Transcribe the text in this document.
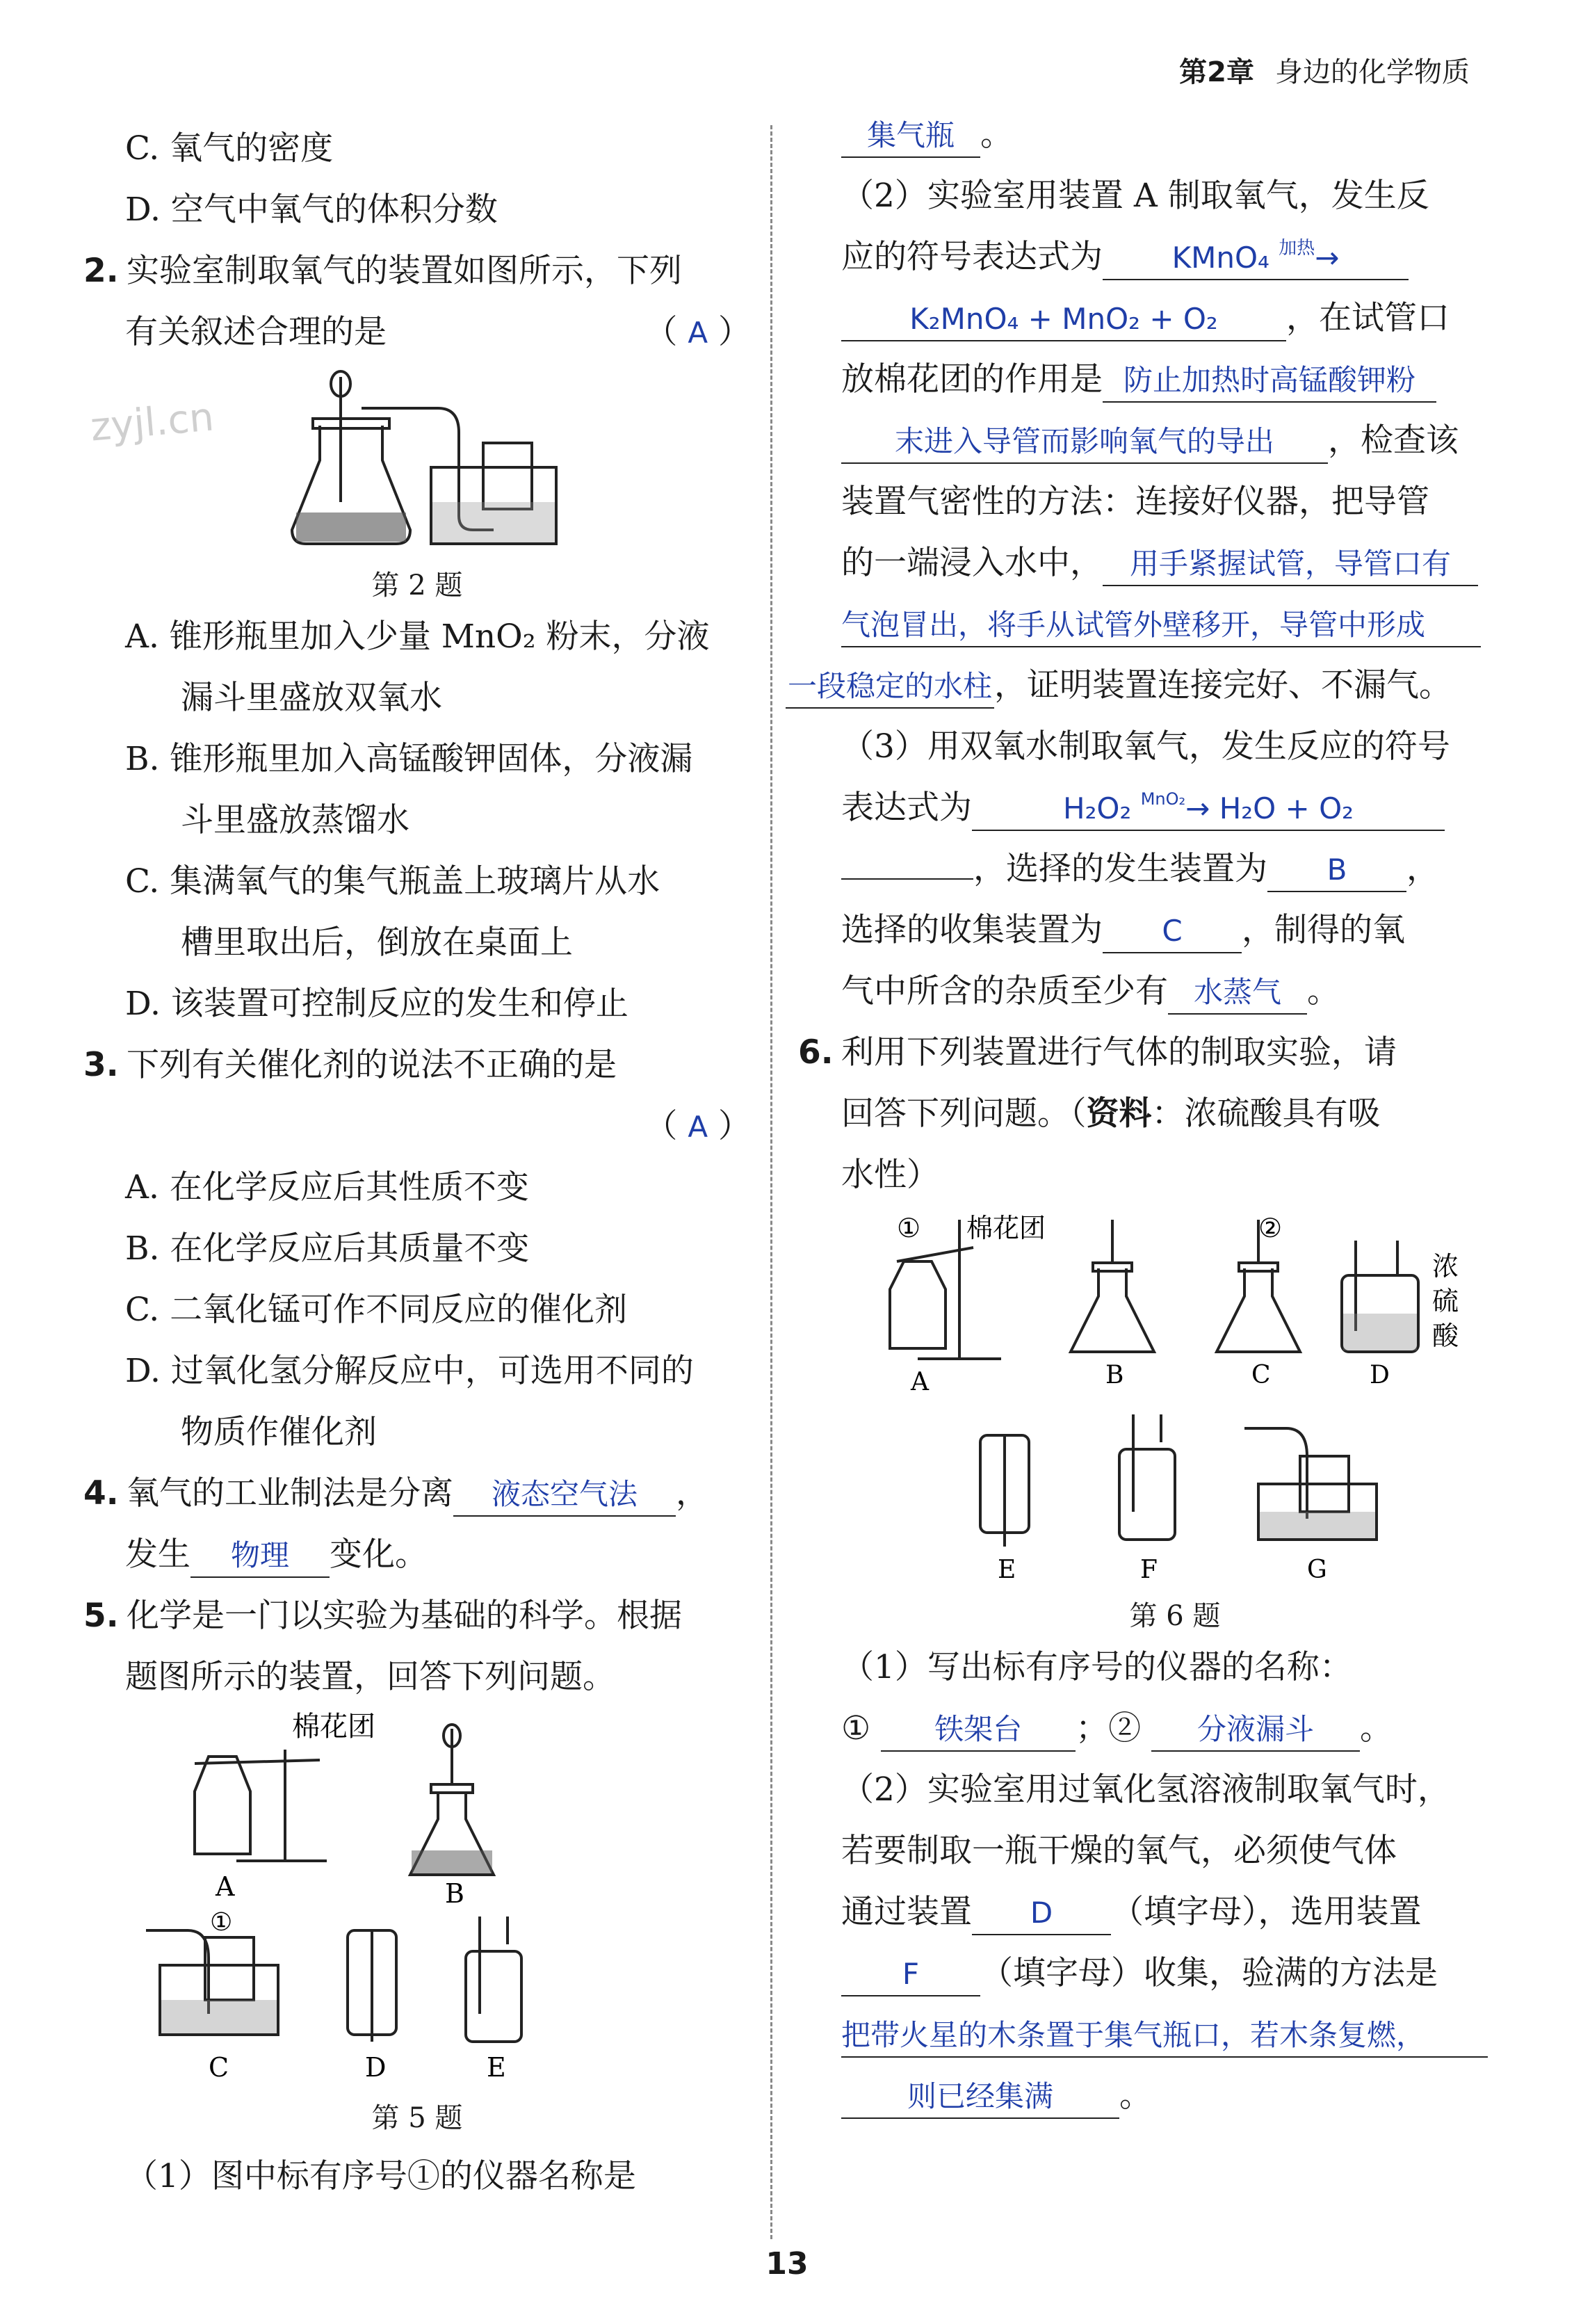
第2章 身边的化学物质
zyjl.cn
C. 氧气的密度
D. 空气中氧气的体积分数
2. 实验室制取氧气的装置如图所示，下列
有关叙述合理的是	（ A ）
第 2 题
A. 锥形瓶里加入少量 MnO₂ 粉末，分液
漏斗里盛放双氧水
B. 锥形瓶里加入高锰酸钾固体，分液漏
斗里盛放蒸馏水
C. 集满氧气的集气瓶盖上玻璃片从水
槽里取出后，倒放在桌面上
D. 该装置可控制反应的发生和停止
3. 下列有关催化剂的说法不正确的是
（ A ）
A. 在化学反应后其性质不变
B. 在化学反应后其质量不变
C. 二氧化锰可作不同反应的催化剂
D. 过氧化氢分解反应中，可选用不同的
物质作催化剂
4. 氧气的工业制法是分离 液态空气法 ，
发生 物理 变化。
5. 化学是一门以实验为基础的科学。根据
题图所示的装置，回答下列问题。
棉花团
①
A	B
C	D	E
第 5 题
（1）图中标有序号①的仪器名称是
集气瓶 。
（2）实验室用装置 A 制取氧气，发生反
应的符号表达式为 KMnO₄ $^{加热}$→
K₂MnO₄ + MnO₂ + O₂ ，在试管口
放棉花团的作用是 防止加热时高锰酸钾粉
末进入导管而影响氧气的导出 ，检查该
装置气密性的方法：连接好仪器，把导管
的一端浸入水中， 用手紧握试管，导管口有
气泡冒出，将手从试管外壁移开，导管中形成
一段稳定的水柱，证明装置连接完好、不漏气。
（3）用双氧水制取氧气，发生反应的符号
表达式为	H₂O₂ $^{MnO_2}$→ H₂O + O₂
，选择的发生装置为 B ，
选择的收集装置为 C ，制得的氧
气中所含的杂质至少有 水蒸气 。
6. 利用下列装置进行气体的制取实验，请
回答下列问题。（资料：浓硫酸具有吸
水性）
① 棉花团	②
浓
硫
酸
A	B	C	D
E	F	G
第 6 题
（1）写出标有序号的仪器的名称：
① 铁架台 ；② 分液漏斗 。
（2）实验室用过氧化氢溶液制取氧气时，
若要制取一瓶干燥的氧气，必须使气体
通过装置 D （填字母），选用装置
F （填字母）收集，验满的方法是
把带火星的木条置于集气瓶口，若木条复燃，
则已经集满 。
13
